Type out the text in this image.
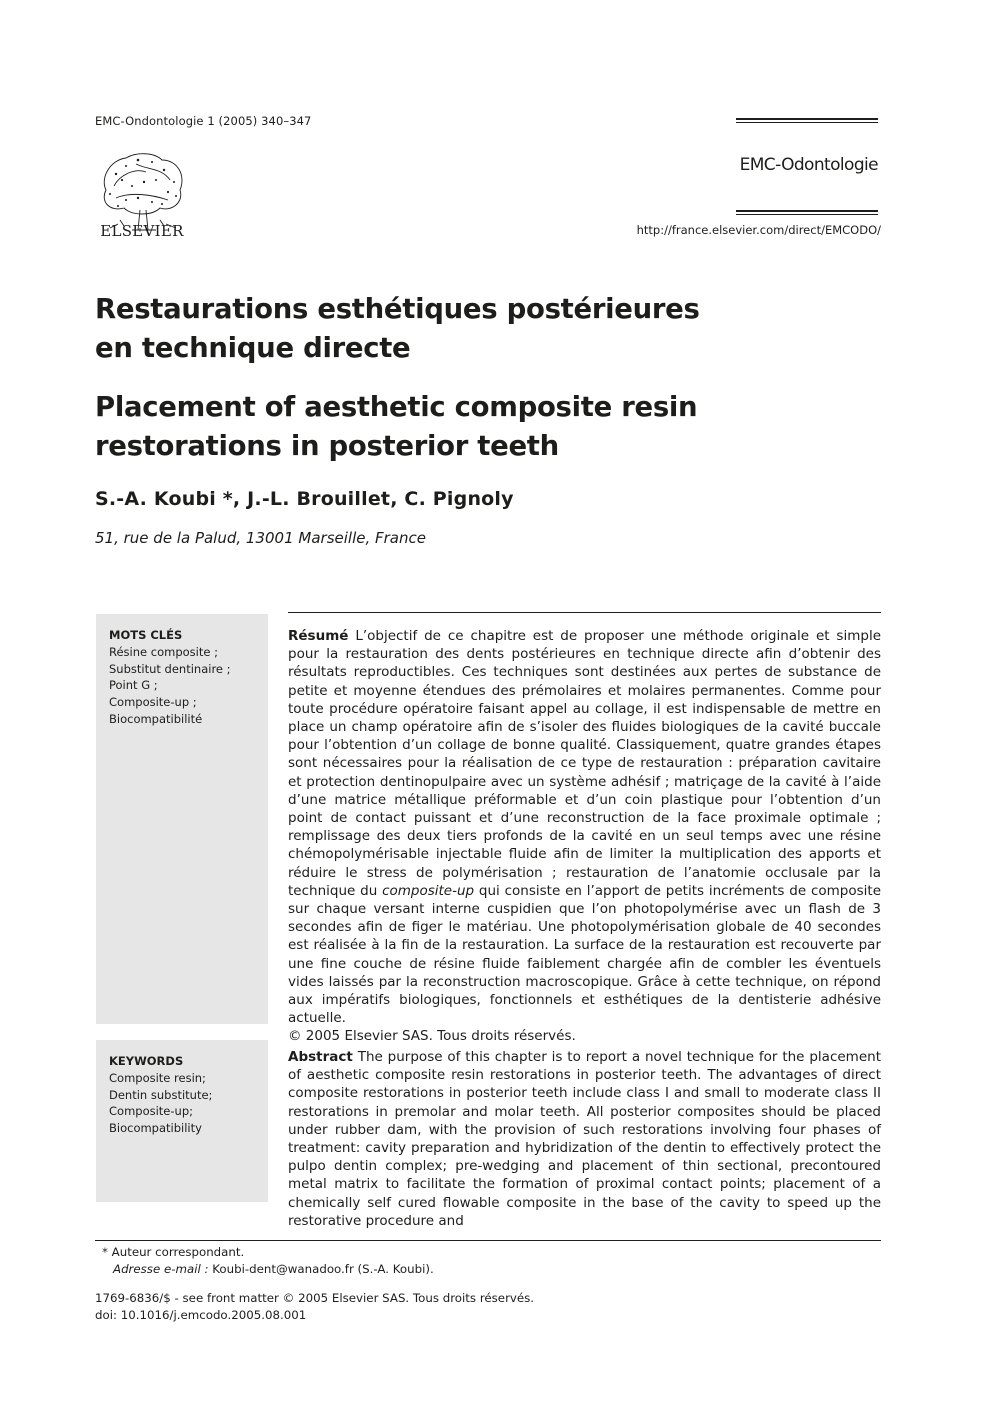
EMC-Ondontologie 1 (2005) 340–347
ELSEVIER
EMC-Odontologie
http://france.elsevier.com/direct/EMCODO/
Restaurations esthétiques postérieures
en technique directe
Placement of aesthetic composite resin
restorations in posterior teeth
S.-A. Koubi *, J.-L. Brouillet, C. Pignoly
51, rue de la Palud, 13001 Marseille, France
MOTS CLÉS
Résine composite ;
Substitut dentinaire ;
Point G ;
Composite-up ;
Biocompatibilité
KEYWORDS
Composite resin;
Dentin substitute;
Composite-up;
Biocompatibility
Résumé L’objectif de ce chapitre est de proposer une méthode originale et simple pour la restauration des dents postérieures en technique directe afin d’obtenir des résultats reproductibles. Ces techniques sont destinées aux pertes de substance de petite et moyenne étendues des prémolaires et molaires permanentes. Comme pour toute procédure opératoire faisant appel au collage, il est indispensable de mettre en place un champ opératoire afin de s’isoler des fluides biologiques de la cavité buccale pour l’obtention d’un collage de bonne qualité. Classiquement, quatre grandes étapes sont nécessaires pour la réalisation de ce type de restauration : préparation cavitaire et protection dentinopulpaire avec un système adhésif ; matriçage de la cavité à l’aide d’une matrice métallique préformable et d’un coin plastique pour l’obtention d’un point de contact puissant et d’une reconstruction de la face proximale optimale ; remplissage des deux tiers profonds de la cavité en un seul temps avec une résine chémopolymérisable injectable fluide afin de limiter la multiplication des apports et réduire le stress de polymérisation ; restauration de l’anatomie occlusale par la technique du composite-up qui consiste en l’apport de petits incréments de composite sur chaque versant interne cuspidien que l’on photopolymérise avec un flash de 3 secondes afin de figer le matériau. Une photopolymérisation globale de 40 secondes est réalisée à la fin de la restauration. La surface de la restauration est recouverte par une fine couche de résine fluide faiblement chargée afin de combler les éventuels vides laissés par la reconstruction macroscopique. Grâce à cette technique, on répond aux impératifs biologiques, fonctionnels et esthétiques de la dentisterie adhésive actuelle.
© 2005 Elsevier SAS. Tous droits réservés.
Abstract The purpose of this chapter is to report a novel technique for the placement of aesthetic composite resin restorations in posterior teeth. The advantages of direct composite restorations in posterior teeth include class I and small to moderate class II restorations in premolar and molar teeth. All posterior composites should be placed under rubber dam, with the provision of such restorations involving four phases of treatment: cavity preparation and hybridization of the dentin to effectively protect the pulpo dentin complex; pre-wedging and placement of thin sectional, precontoured metal matrix to facilitate the formation of proximal contact points; placement of a chemically self cured flowable composite in the base of the cavity to speed up the restorative procedure and
* Auteur correspondant.
Adresse e-mail : Koubi-dent@wanadoo.fr (S.-A. Koubi).
1769-6836/$ - see front matter © 2005 Elsevier SAS. Tous droits réservés.
doi: 10.1016/j.emcodo.2005.08.001
